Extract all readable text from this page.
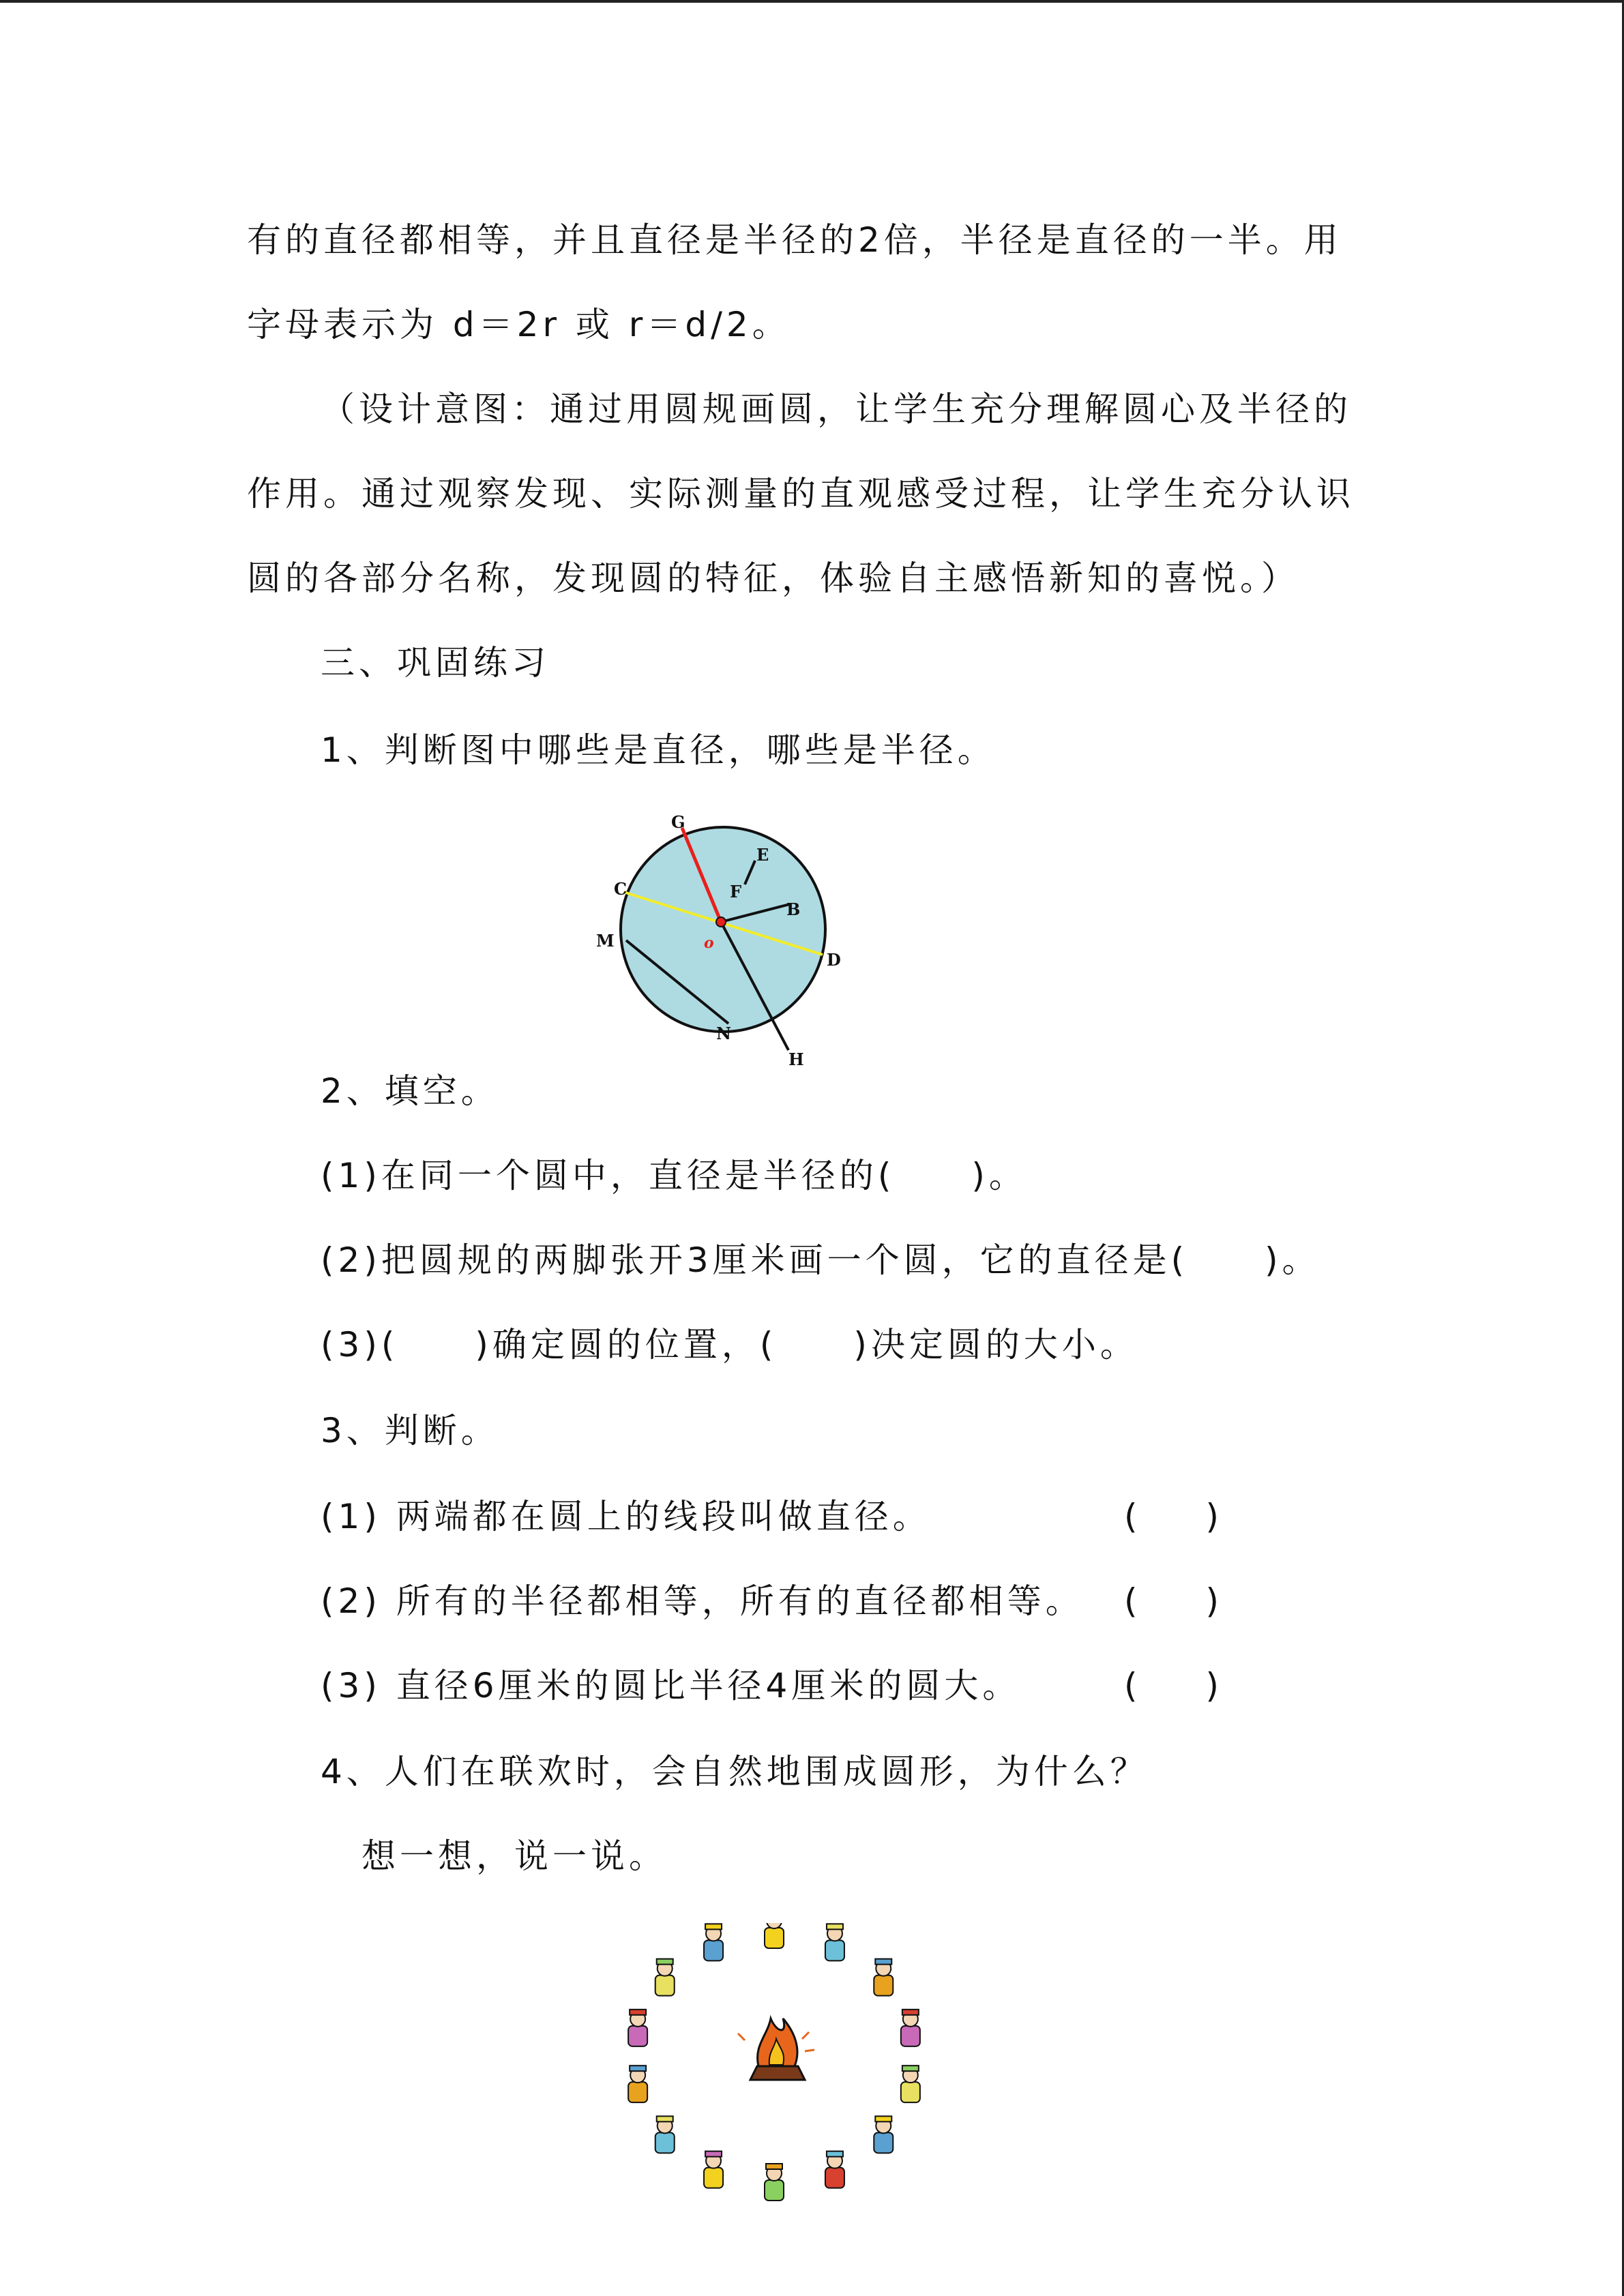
有的直径都相等，并且直径是半径的2倍，半径是直径的一半。用
字母表示为 d＝2r 或 r＝d/2。
（设计意图：通过用圆规画圆，让学生充分理解圆心及半径的
作用。通过观察发现、实际测量的直观感受过程，让学生充分认识
圆的各部分名称，发现圆的特征，体验自主感悟新知的喜悦。）
三、巩固练习
1、判断图中哪些是直径，哪些是半径。
G
E
F
C
B
M	o
D
N
H
2、填空。
(1)在同一个圆中，直径是半径的(　　)。
(2)把圆规的两脚张开3厘米画一个圆，它的直径是(　　)。
(3)(　　)确定圆的位置，(　　)决定圆的大小。
3、判断。
(1) 两端都在圆上的线段叫做直径。	(　　)
(2) 所有的半径都相等，所有的直径都相等。 (　　)
(3) 直径6厘米的圆比半径4厘米的圆大。	(　　)
4、人们在联欢时，会自然地围成圆形，为什么？
想一想，说一说。
